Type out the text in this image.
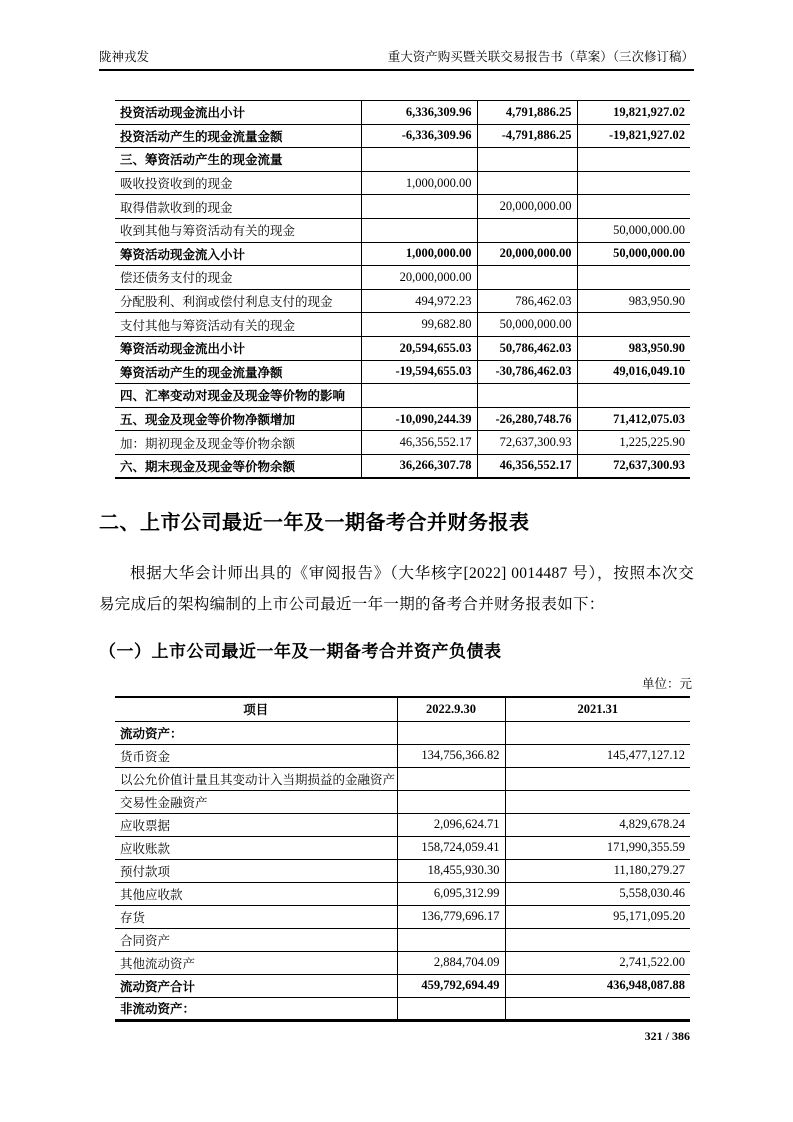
陇神戎发	重大资产购买暨关联交易报告书（草案）（三次修订稿）
投资活动现金流出小计	6,336,309.96	4,791,886.25	19,821,927.02
投资活动产生的现金流量金额	-6,336,309.96	-4,791,886.25	-19,821,927.02
三、筹资活动产生的现金流量			
吸收投资收到的现金	1,000,000.00		
取得借款收到的现金		20,000,000.00	
收到其他与筹资活动有关的现金			50,000,000.00
筹资活动现金流入小计	1,000,000.00	20,000,000.00	50,000,000.00
偿还债务支付的现金	20,000,000.00		
分配股利、利润或偿付利息支付的现金	494,972.23	786,462.03	983,950.90
支付其他与筹资活动有关的现金	99,682.80	50,000,000.00	
筹资活动现金流出小计	20,594,655.03	50,786,462.03	983,950.90
筹资活动产生的现金流量净额	-19,594,655.03	-30,786,462.03	49,016,049.10
四、汇率变动对现金及现金等价物的影响			
五、现金及现金等价物净额增加	-10,090,244.39	-26,280,748.76	71,412,075.03
加：期初现金及现金等价物余额	46,356,552.17	72,637,300.93	1,225,225.90
六、期末现金及现金等价物余额	36,266,307.78	46,356,552.17	72,637,300.93
二、上市公司最近一年及一期备考合并财务报表
根据大华会计师出具的《审阅报告》（大华核字[2022] 0014487 号），按照本次交易完成后的架构编制的上市公司最近一年一期的备考合并财务报表如下：
（一）上市公司最近一年及一期备考合并资产负债表
单位：元
项目	2022.9.30	2021.31
流动资产：		
货币资金	134,756,366.82	145,477,127.12
以公允价值计量且其变动计入当期损益的金融资产		
交易性金融资产		
应收票据	2,096,624.71	4,829,678.24
应收账款	158,724,059.41	171,990,355.59
预付款项	18,455,930.30	11,180,279.27
其他应收款	6,095,312.99	5,558,030.46
存货	136,779,696.17	95,171,095.20
合同资产		
其他流动资产	2,884,704.09	2,741,522.00
流动资产合计	459,792,694.49	436,948,087.88
非流动资产：		
321 / 386
